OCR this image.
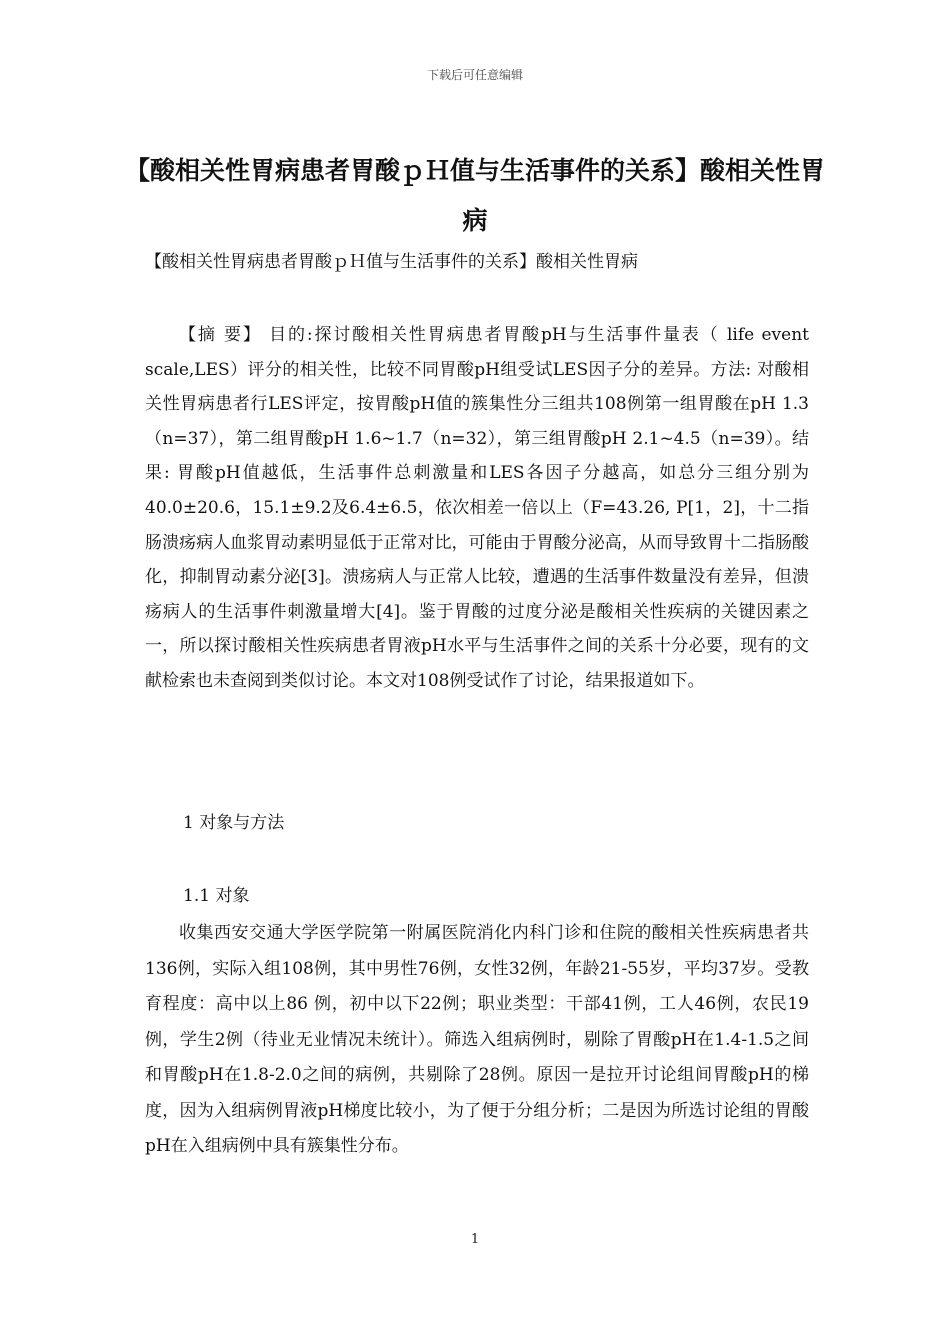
下载后可任意编辑
【酸相关性胃病患者胃酸ｐＨ值与生活事件的关系】酸相关性胃病
【酸相关性胃病患者胃酸ｐＨ值与生活事件的关系】酸相关性胃病

【摘 要】 目的:探讨酸相关性胃病患者胃酸pH与生活事件量表（ life event scale,LES）评分的相关性，比较不同胃酸pH组受试LES因子分的差异。方法: 对酸相关性胃病患者行LES评定，按胃酸pH值的簇集性分三组共108例第一组胃酸在pH 1.3（n=37），第二组胃酸pH 1.6~1.7（n=32），第三组胃酸pH 2.1~4.5（n=39）。结果: 胃酸pH值越低，生活事件总刺激量和LES各因子分越高，如总分三组分别为40.0±20.6，15.1±9.2及6.4±6.5，依次相差一倍以上（F=43.26, P[1，2]，十二指肠溃疡病人血浆胃动素明显低于正常对比，可能由于胃酸分泌高，从而导致胃十二指肠酸化，抑制胃动素分泌[3]。溃疡病人与正常人比较，遭遇的生活事件数量没有差异，但溃疡病人的生活事件刺激量增大[4]。鉴于胃酸的过度分泌是酸相关性疾病的关键因素之一，所以探讨酸相关性疾病患者胃液pH水平与生活事件之间的关系十分必要，现有的文献检索也未查阅到类似讨论。本文对108例受试作了讨论，结果报道如下。

1 对象与方法
1.1 对象

收集西安交通大学医学院第一附属医院消化内科门诊和住院的酸相关性疾病患者共136例，实际入组108例，其中男性76例，女性32例，年龄21-55岁，平均37岁。受教育程度：高中以上86 例，初中以下22例；职业类型：干部41例，工人46例，农民19例，学生2例（待业无业情况未统计）。筛选入组病例时，剔除了胃酸pH在1.4-1.5之间和胃酸pH在1.8-2.0之间的病例，共剔除了28例。原因一是拉开讨论组间胃酸pH的梯度，因为入组病例胃液pH梯度比较小，为了便于分组分析；二是因为所选讨论组的胃酸pH在入组病例中具有簇集性分布。

1
